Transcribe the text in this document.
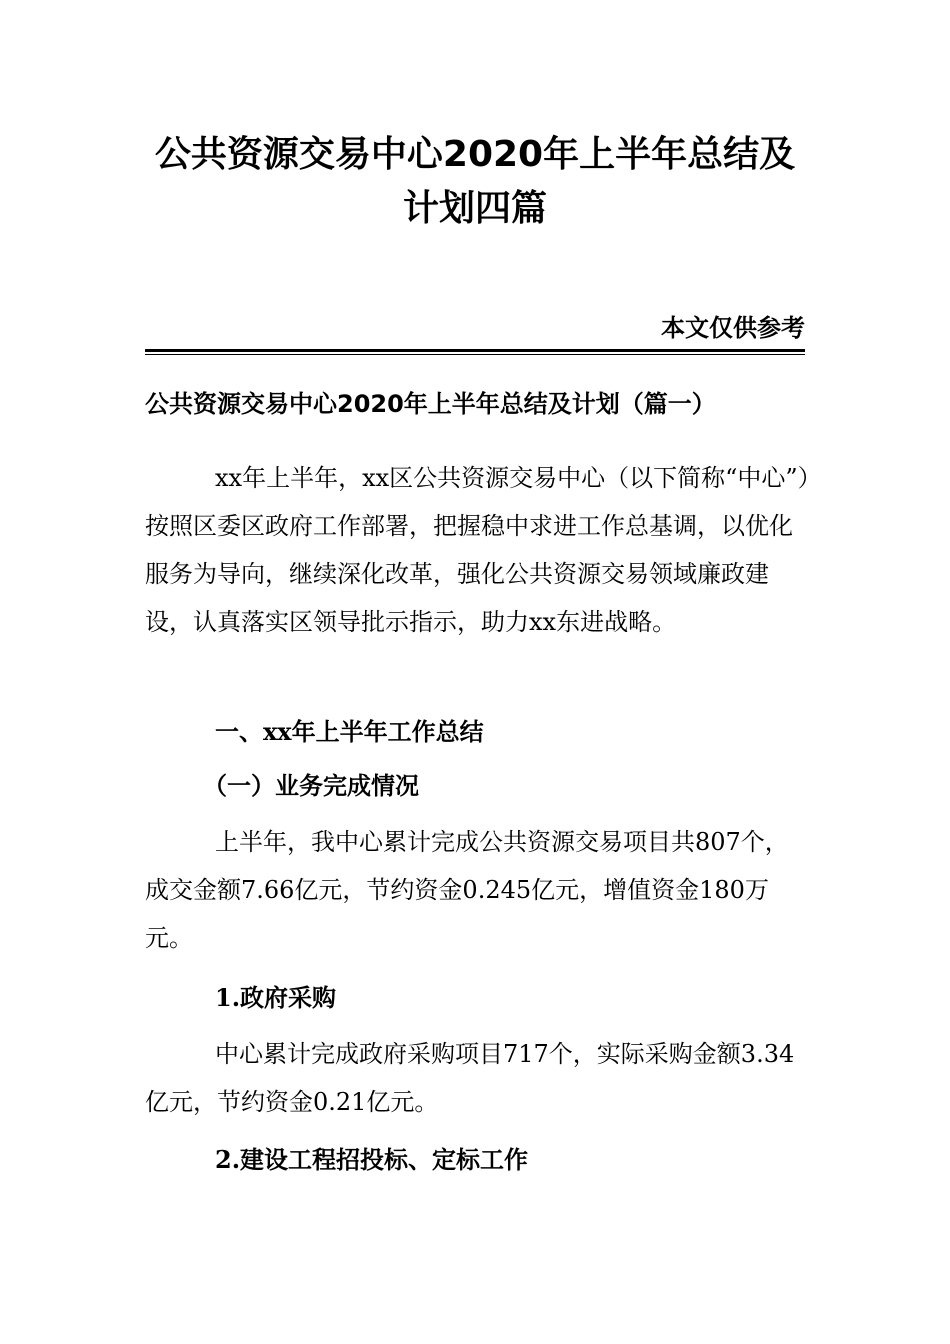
公共资源交易中心2020年上半年总结及计划四篇
本文仅供参考
公共资源交易中心2020年上半年总结及计划（篇一）

xx年上半年，xx区公共资源交易中心（以下简称“中心”）按照区委区政府工作部署，把握稳中求进工作总基调，以优化服务为导向，继续深化改革，强化公共资源交易领域廉政建设，认真落实区领导批示指示，助力xx东进战略。

一、xx年上半年工作总结
（一）业务完成情况

上半年，我中心累计完成公共资源交易项目共807个，成交金额7.66亿元，节约资金0.245亿元，增值资金180万元。

1.政府采购

中心累计完成政府采购项目717个，实际采购金额3.34亿元，节约资金0.21亿元。

2.建设工程招投标、定标工作
